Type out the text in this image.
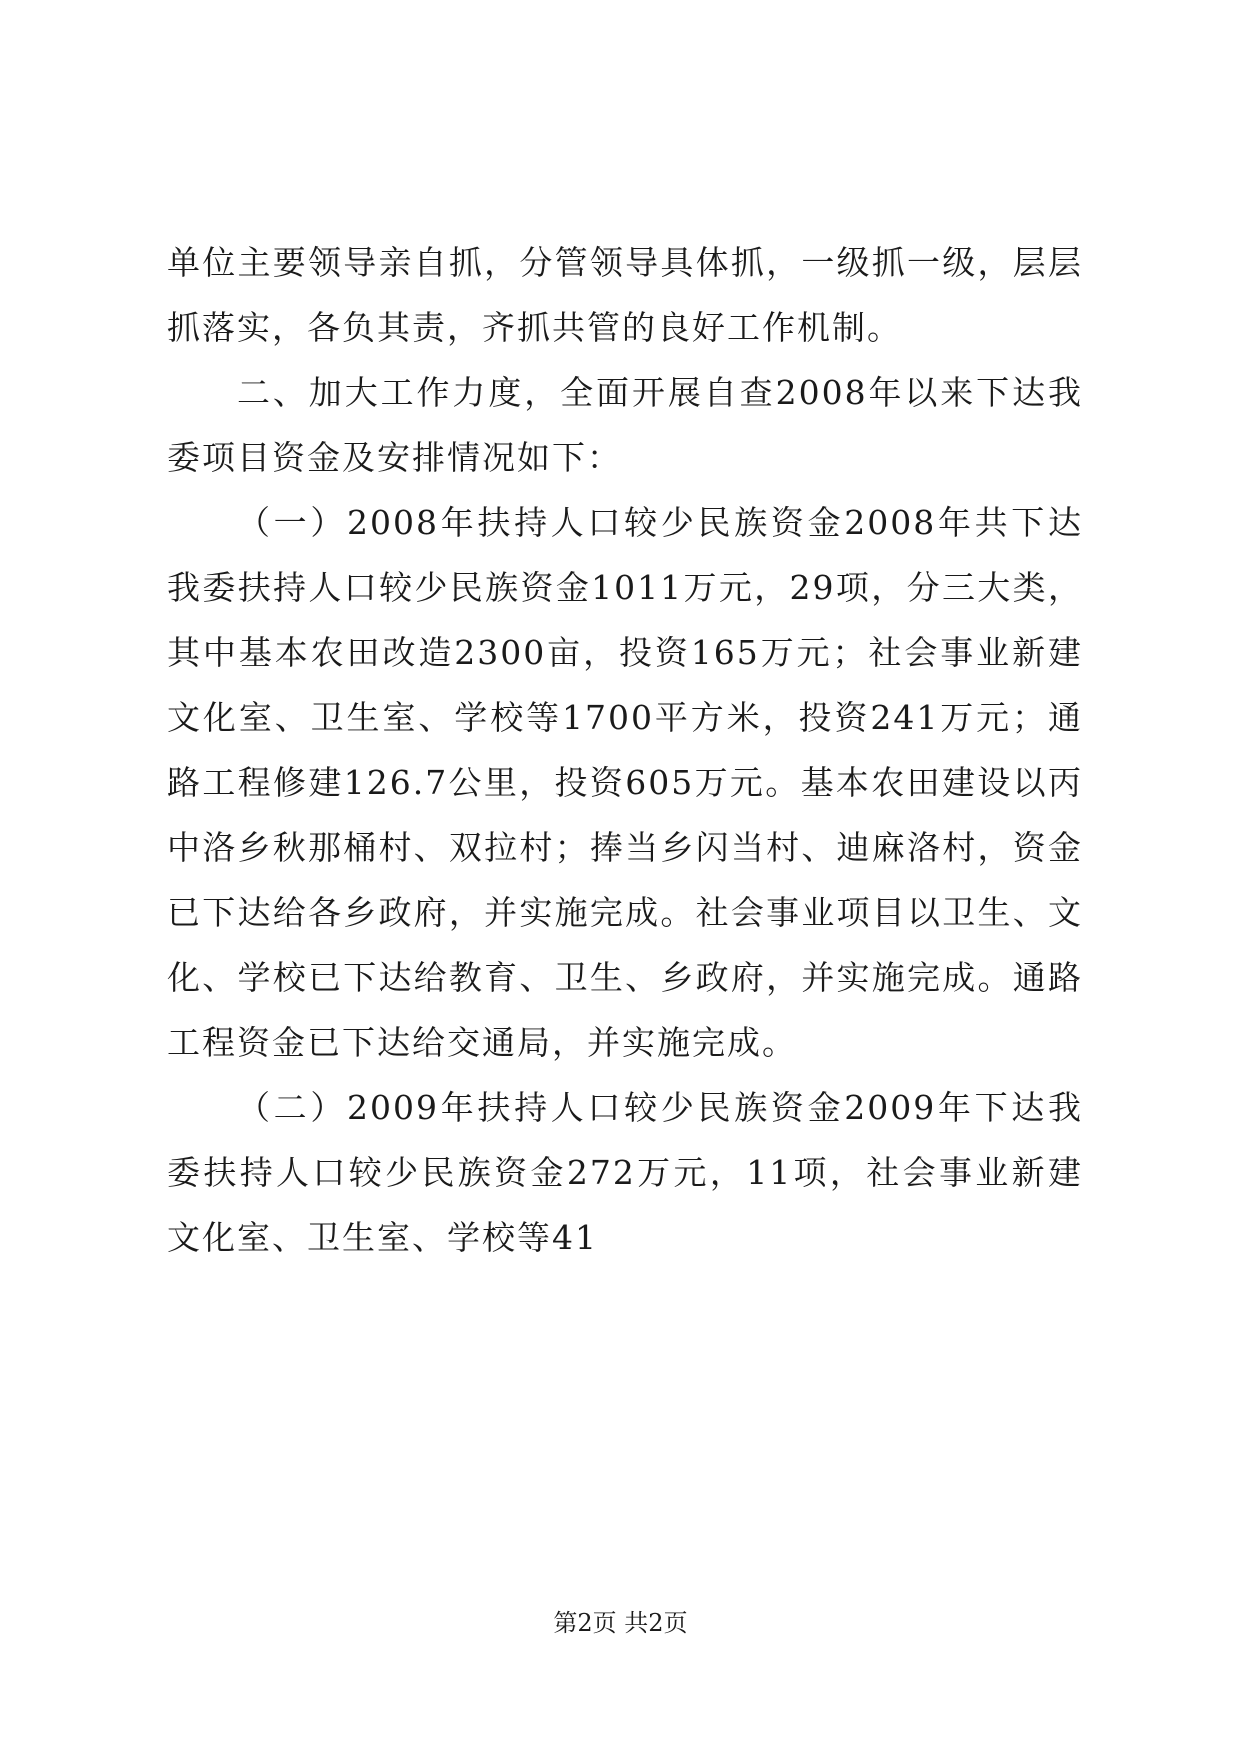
单位主要领导亲自抓，分管领导具体抓，一级抓一级，层层抓落实，各负其责，齐抓共管的良好工作机制。

二、加大工作力度，全面开展自查2008年以来下达我委项目资金及安排情况如下：

（一）2008年扶持人口较少民族资金2008年共下达我委扶持人口较少民族资金1011万元，29项，分三大类，其中基本农田改造2300亩，投资165万元；社会事业新建文化室、卫生室、学校等1700平方米，投资241万元；通路工程修建126.7公里，投资605万元。基本农田建设以丙中洛乡秋那桶村、双拉村；捧当乡闪当村、迪麻洛村，资金已下达给各乡政府，并实施完成。社会事业项目以卫生、文化、学校已下达给教育、卫生、乡政府，并实施完成。通路工程资金已下达给交通局，并实施完成。

（二）2009年扶持人口较少民族资金2009年下达我委扶持人口较少民族资金272万元，11项，社会事业新建文化室、卫生室、学校等41

第2页 共2页
